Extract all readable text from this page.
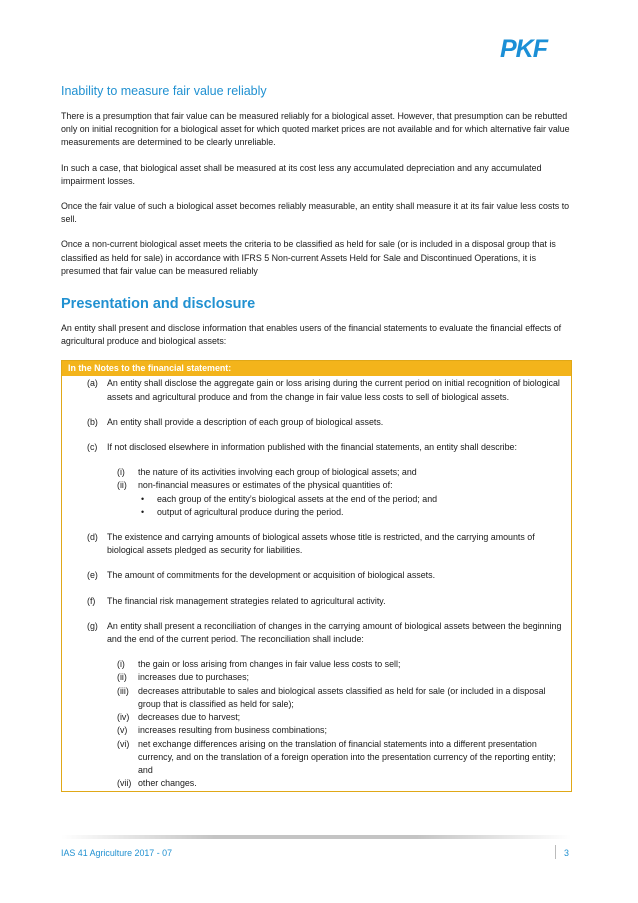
PKF
Inability to measure fair value reliably

There is a presumption that fair value can be measured reliably for a biological asset. However, that presumption can be rebutted only on initial recognition for a biological asset for which quoted market prices are not available and for which alternative fair value measurements are determined to be clearly unreliable.

In such a case, that biological asset shall be measured at its cost less any accumulated depreciation and any accumulated impairment losses.

Once the fair value of such a biological asset becomes reliably measurable, an entity shall measure it at its fair value less costs to sell.

Once a non-current biological asset meets the criteria to be classified as held for sale (or is included in a disposal group that is classified as held for sale) in accordance with IFRS 5 Non-current Assets Held for Sale and Discontinued Operations, it is presumed that fair value can be measured reliably

Presentation and disclosure

An entity shall present and disclose information that enables users of the financial statements to evaluate the financial effects of agricultural produce and biological assets:

In the Notes to the financial statement:
(a)	An entity shall disclose the aggregate gain or loss arising during the current period on initial recognition of biological assets and agricultural produce and from the change in fair value less costs to sell of biological assets.
(b)	An entity shall provide a description of each group of biological assets.
(c)	If not disclosed elsewhere in information published with the financial statements, an entity shall describe:
(i)	the nature of its activities involving each group of biological assets; and
(ii)	non-financial measures or estimates of the physical quantities of:
•	each group of the entity’s biological assets at the end of the period; and
•	output of agricultural produce during the period.
(d)	The existence and carrying amounts of biological assets whose title is restricted, and the carrying amounts of biological assets pledged as security for liabilities.
(e)	The amount of commitments for the development or acquisition of biological assets.
(f)	The financial risk management strategies related to agricultural activity.
(g)	An entity shall present a reconciliation of changes in the carrying amount of biological assets between the beginning and the end of the current period. The reconciliation shall include:
(i)	the gain or loss arising from changes in fair value less costs to sell;
(ii)	increases due to purchases;
(iii)	decreases attributable to sales and biological assets classified as held for sale (or included in a disposal group that is classified as held for sale);
(iv) decreases due to harvest;
(v)	increases resulting from business combinations;
(vi) net exchange differences arising on the translation of financial statements into a different presentation currency, and on the translation of a foreign operation into the presentation currency of the reporting entity; and
(vii) other changes.
IAS 41 Agriculture 2017 - 07	3
